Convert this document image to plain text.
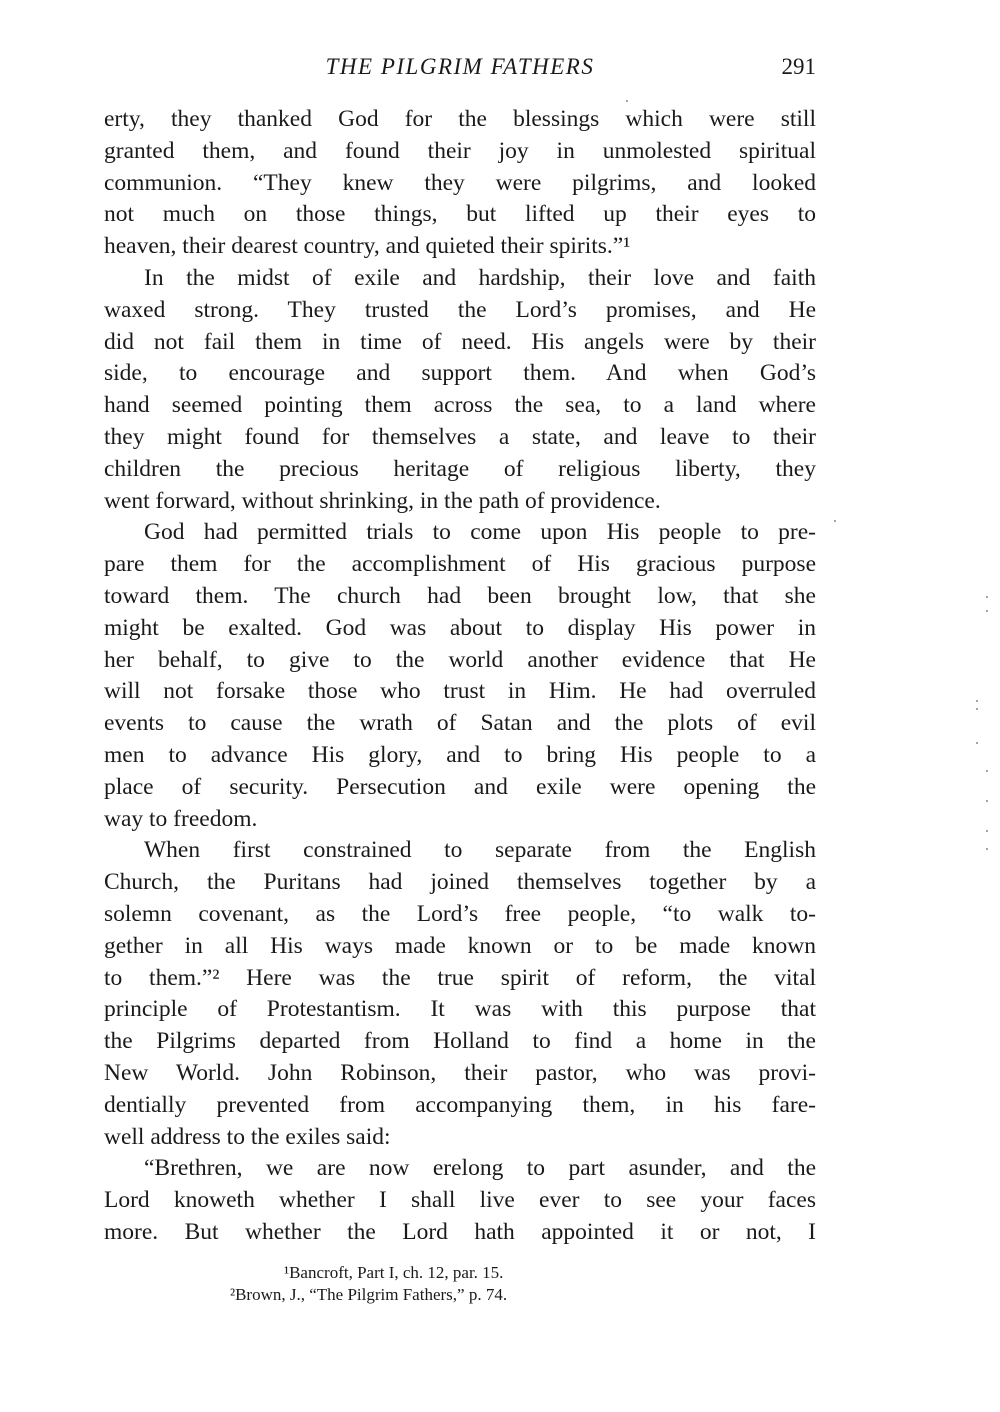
THE PILGRIM FATHERS	291

erty, they thanked God for the blessings which were still
granted them, and found their joy in unmolested spiritual
communion. “They knew they were pilgrims, and looked
not much on those things, but lifted up their eyes to
heaven, their dearest country, and quieted their spirits.”¹

In the midst of exile and hardship, their love and faith
waxed strong. They trusted the Lord’s promises, and He
did not fail them in time of need. His angels were by their
side, to encourage and support them. And when God’s
hand seemed pointing them across the sea, to a land where
they might found for themselves a state, and leave to their
children the precious heritage of religious liberty, they
went forward, without shrinking, in the path of providence.

God had permitted trials to come upon His people to pre-
pare them for the accomplishment of His gracious purpose
toward them. The church had been brought low, that she
might be exalted. God was about to display His power in
her behalf, to give to the world another evidence that He
will not forsake those who trust in Him. He had overruled
events to cause the wrath of Satan and the plots of evil
men to advance His glory, and to bring His people to a
place of security. Persecution and exile were opening the
way to freedom.

When first constrained to separate from the English
Church, the Puritans had joined themselves together by a
solemn covenant, as the Lord’s free people, “to walk to-
gether in all His ways made known or to be made known
to them.”² Here was the true spirit of reform, the vital
principle of Protestantism. It was with this purpose that
the Pilgrims departed from Holland to find a home in the
New World. John Robinson, their pastor, who was provi-
dentially prevented from accompanying them, in his fare-
well address to the exiles said:

“Brethren, we are now erelong to part asunder, and the
Lord knoweth whether I shall live ever to see your faces
more. But whether the Lord hath appointed it or not, I

¹Bancroft, Part I, ch. 12, par. 15.
²Brown, J., “The Pilgrim Fathers,” p. 74.
